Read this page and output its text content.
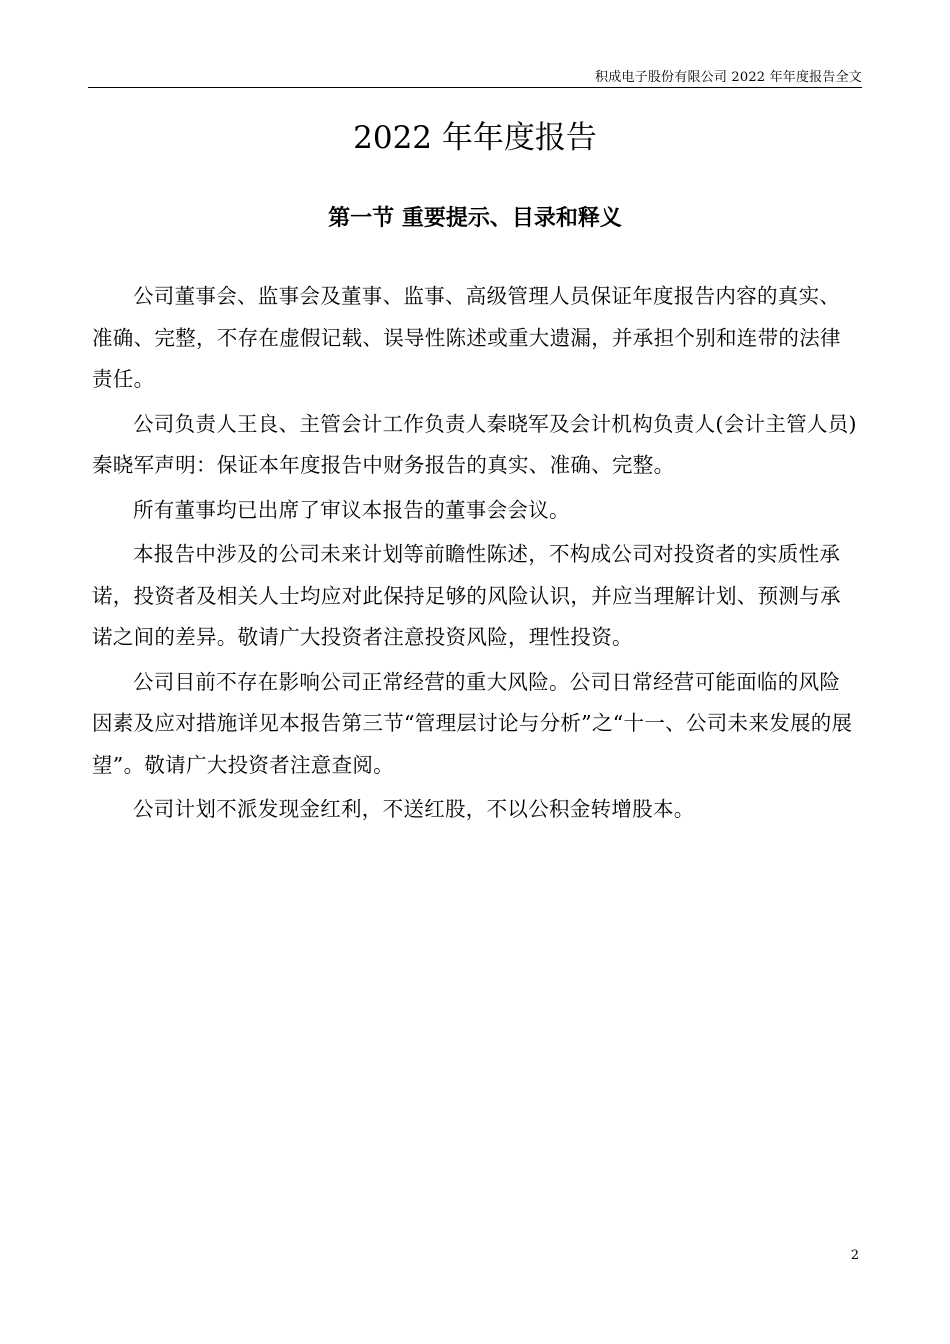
积成电子股份有限公司 2022 年年度报告全文
2022 年年度报告
第一节 重要提示、目录和释义

公司董事会、监事会及董事、监事、高级管理人员保证年度报告内容的真实、准确、完整，不存在虚假记载、误导性陈述或重大遗漏，并承担个别和连带的法律责任。

公司负责人王良、主管会计工作负责人秦晓军及会计机构负责人(会计主管人员)秦晓军声明：保证本年度报告中财务报告的真实、准确、完整。

所有董事均已出席了审议本报告的董事会会议。

本报告中涉及的公司未来计划等前瞻性陈述，不构成公司对投资者的实质性承诺，投资者及相关人士均应对此保持足够的风险认识，并应当理解计划、预测与承诺之间的差异。敬请广大投资者注意投资风险，理性投资。

公司目前不存在影响公司正常经营的重大风险。公司日常经营可能面临的风险因素及应对措施详见本报告第三节“管理层讨论与分析”之“十一、公司未来发展的展望”。敬请广大投资者注意查阅。

公司计划不派发现金红利，不送红股，不以公积金转增股本。

2
